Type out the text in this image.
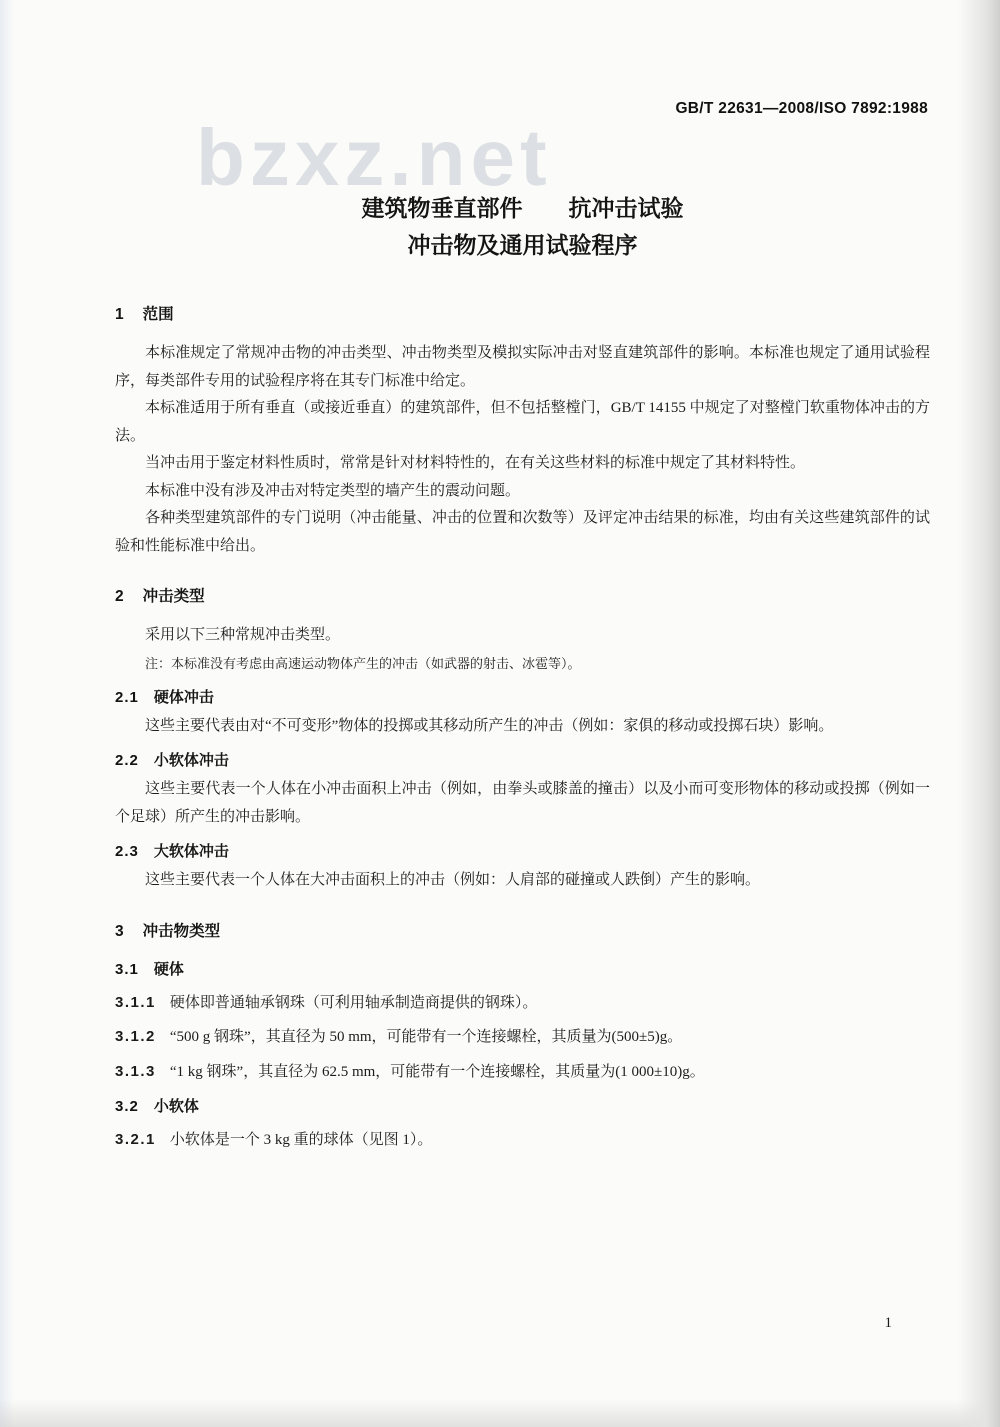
GB/T 22631—2008/ISO 7892:1988
bzxz.net
建筑物垂直部件　　抗冲击试验
冲击物及通用试验程序
1 范围

本标准规定了常规冲击物的冲击类型、冲击物类型及模拟实际冲击对竖直建筑部件的影响。本标准也规定了通用试验程序，每类部件专用的试验程序将在其专门标准中给定。

本标准适用于所有垂直（或接近垂直）的建筑部件，但不包括整樘门，GB/T 14155 中规定了对整樘门软重物体冲击的方法。

当冲击用于鉴定材料性质时，常常是针对材料特性的，在有关这些材料的标准中规定了其材料特性。

本标准中没有涉及冲击对特定类型的墙产生的震动问题。

各种类型建筑部件的专门说明（冲击能量、冲击的位置和次数等）及评定冲击结果的标准，均由有关这些建筑部件的试验和性能标准中给出。

2 冲击类型

采用以下三种常规冲击类型。

注：本标准没有考虑由高速运动物体产生的冲击（如武器的射击、冰雹等）。

2.1 硬体冲击

这些主要代表由对“不可变形”物体的投掷或其移动所产生的冲击（例如：家俱的移动或投掷石块）影响。

2.2 小软体冲击

这些主要代表一个人体在小冲击面积上冲击（例如，由拳头或膝盖的撞击）以及小而可变形物体的移动或投掷（例如一个足球）所产生的冲击影响。

2.3 大软体冲击

这些主要代表一个人体在大冲击面积上的冲击（例如：人肩部的碰撞或人跌倒）产生的影响。

3 冲击物类型
3.1 硬体

3.1.1 硬体即普通轴承钢珠（可利用轴承制造商提供的钢珠）。

3.1.2 “500 g 钢珠”，其直径为 50 mm，可能带有一个连接螺栓，其质量为(500±5)g。

3.1.3 “1 kg 钢珠”，其直径为 62.5 mm，可能带有一个连接螺栓，其质量为(1 000±10)g。

3.2 小软体

3.2.1 小软体是一个 3 kg 重的球体（见图 1）。

1
